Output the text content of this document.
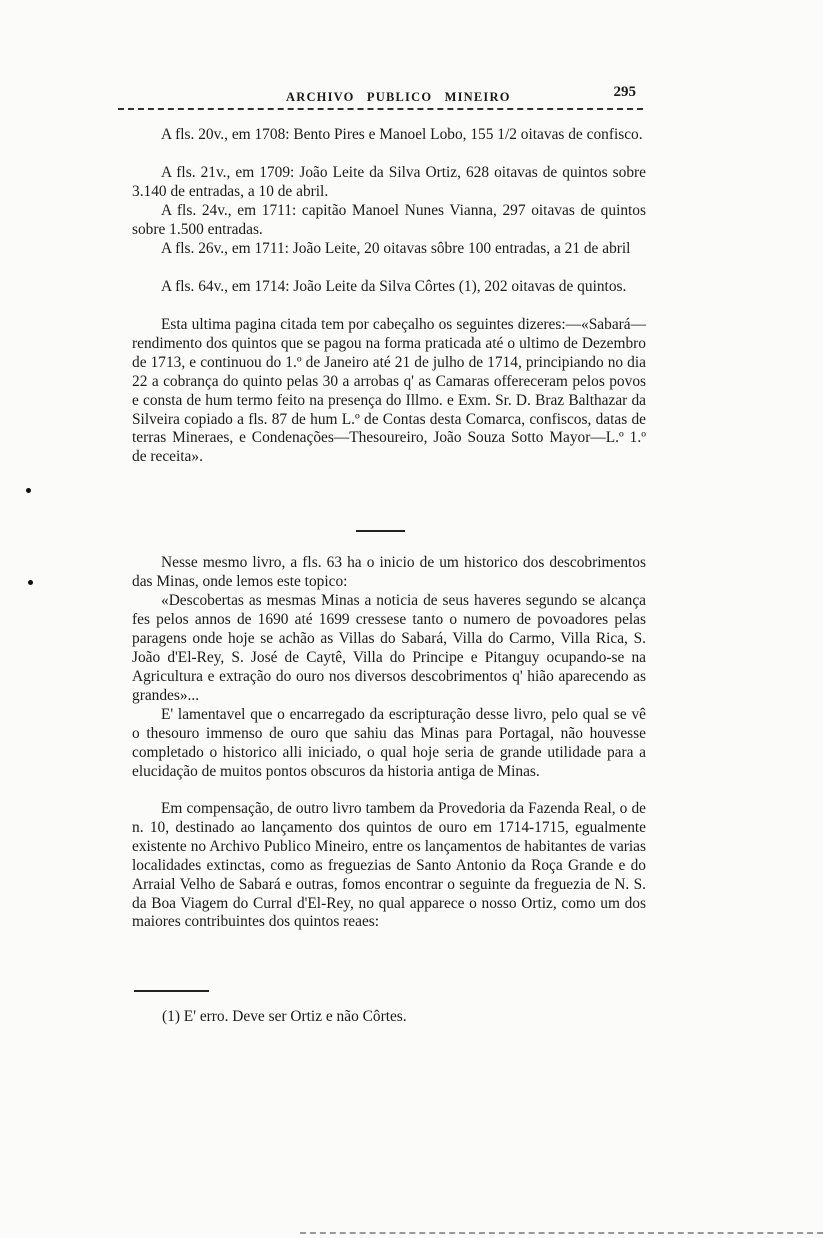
ARCHIVO PUBLICO MINEIRO	295

A fls. 20v., em 1708: Bento Pires e Manoel Lobo, 155 1/2 oitavas de confisco.

A fls. 21v., em 1709: João Leite da Silva Ortiz, 628 oitavas de quintos sobre 3.140 de entradas, a 10 de abril.

A fls. 24v., em 1711: capitão Manoel Nunes Vianna, 297 oitavas de quintos sobre 1.500 entradas.

A fls. 26v., em 1711: João Leite, 20 oitavas sôbre 100 entradas, a 21 de abril

A fls. 64v., em 1714: João Leite da Silva Côrtes (1), 202 oitavas de quintos.

Esta ultima pagina citada tem por cabeçalho os seguintes dizeres:—«Sabará—rendimento dos quintos que se pagou na forma praticada até o ultimo de Dezembro de 1713, e continuou do 1.º de Janeiro até 21 de julho de 1714, principiando no dia 22 a cobrança do quinto pelas 30 a arrobas q' as Camaras offereceram pelos povos e consta de hum termo feito na presença do Illmo. e Exm. Sr. D. Braz Balthazar da Silveira copiado a fls. 87 de hum L.º de Contas desta Comarca, confiscos, datas de terras Mineraes, e Condenações—Thesoureiro, João Souza Sotto Mayor—L.º 1.º de receita».

Nesse mesmo livro, a fls. 63 ha o inicio de um historico dos descobrimentos das Minas, onde lemos este topico:

«Descobertas as mesmas Minas a noticia de seus haveres segundo se alcança fes pelos annos de 1690 até 1699 cressese tanto o numero de povoadores pelas paragens onde hoje se achão as Villas do Sabará, Villa do Carmo, Villa Rica, S. João d'El-Rey, S. José de Caytê, Villa do Principe e Pitanguy ocupando-se na Agricultura e extração do ouro nos diversos descobrimentos q' hião aparecendo as grandes»...

E' lamentavel que o encarregado da escripturação desse livro, pelo qual se vê o thesouro immenso de ouro que sahiu das Minas para Portagal, não houvesse completado o historico alli iniciado, o qual hoje seria de grande utilidade para a elucidação de muitos pontos obscuros da historia antiga de Minas.

Em compensação, de outro livro tambem da Provedoria da Fazenda Real, o de n. 10, destinado ao lançamento dos quintos de ouro em 1714-1715, egualmente existente no Archivo Publico Mineiro, entre os lançamentos de habitantes de varias localidades extinctas, como as freguezias de Santo Antonio da Roça Grande e do Arraial Velho de Sabará e outras, fomos encontrar o seguinte da freguezia de N. S. da Boa Viagem do Curral d'El-Rey, no qual apparece o nosso Ortiz, como um dos maiores contribuintes dos quintos reaes:

(1) E' erro. Deve ser Ortiz e não Côrtes.
